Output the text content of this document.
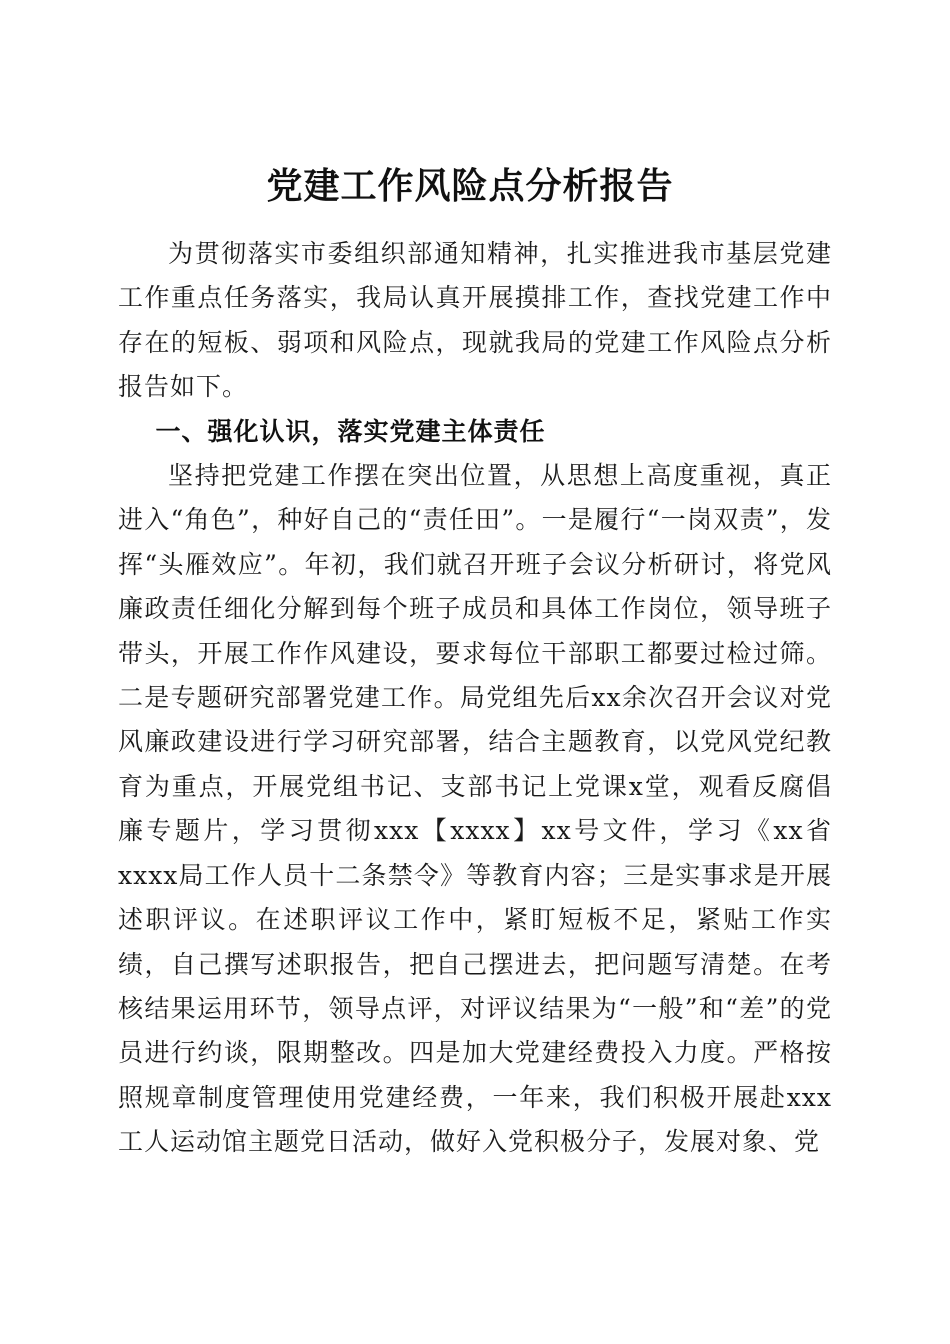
党建工作风险点分析报告

为贯彻落实市委组织部通知精神，扎实推进我市基层党建工作重点任务落实，我局认真开展摸排工作，查找党建工作中存在的短板、弱项和风险点，现就我局的党建工作风险点分析报告如下。

一、强化认识，落实党建主体责任

坚持把党建工作摆在突出位置，从思想上高度重视，真正进入“角色”，种好自己的“责任田”。一是履行“一岗双责”，发挥“头雁效应”。年初，我们就召开班子会议分析研讨，将党风廉政责任细化分解到每个班子成员和具体工作岗位，领导班子带头，开展工作作风建设，要求每位干部职工都要过检过筛。二是专题研究部署党建工作。局党组先后xx余次召开会议对党风廉政建设进行学习研究部署，结合主题教育，以党风党纪教育为重点，开展党组书记、支部书记上党课x堂，观看反腐倡廉专题片，学习贯彻xxx【xxxx】xx号文件，学习《xx省xxxx局工作人员十二条禁令》等教育内容；三是实事求是开展述职评议。在述职评议工作中，紧盯短板不足，紧贴工作实绩，自己撰写述职报告，把自己摆进去，把问题写清楚。在考核结果运用环节，领导点评，对评议结果为“一般”和“差”的党员进行约谈，限期整改。四是加大党建经费投入力度。严格按照规章制度管理使用党建经费，一年来，我们积极开展赴xxx工人运动馆主题党日活动，做好入党积极分子，发展对象、党
